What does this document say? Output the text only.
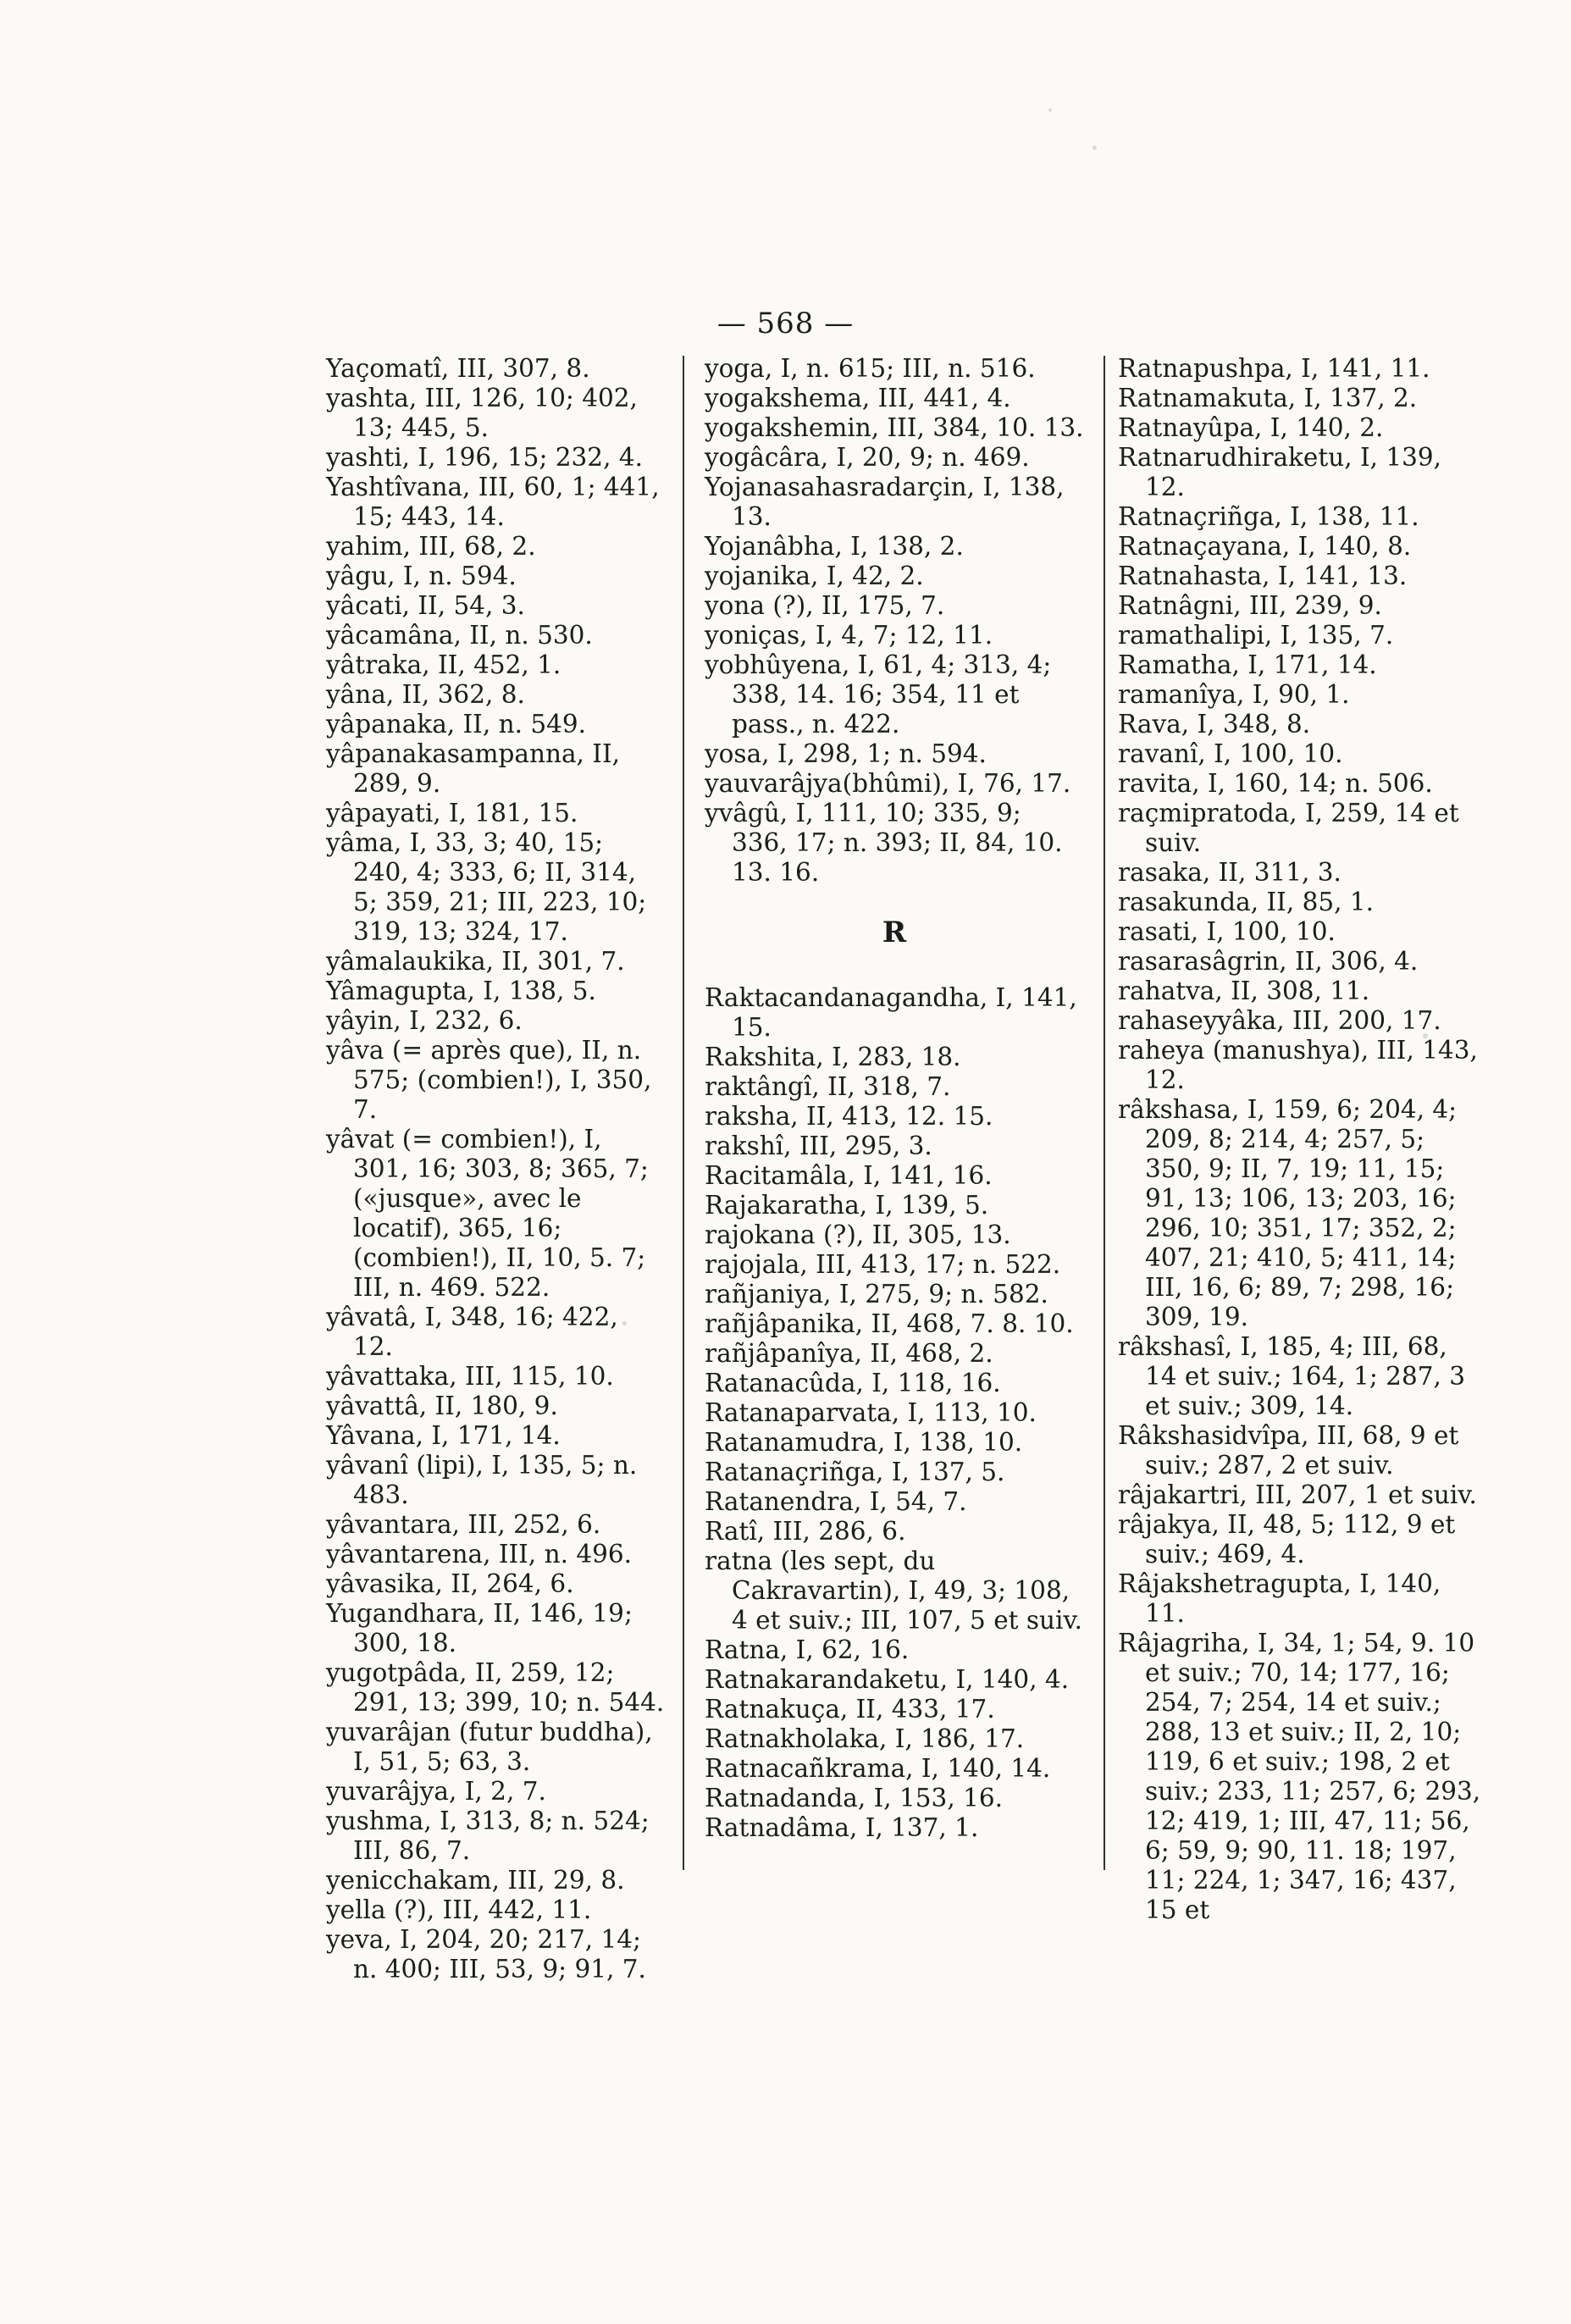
— 568 —
Yaçomatî, III, 307, 8.
yashta, III, 126, 10; 402, 13; 445, 5.
yashti, I, 196, 15; 232, 4.
Yashtîvana, III, 60, 1; 441, 15; 443, 14.
yahim, III, 68, 2.
yâgu, I, n. 594.
yâcati, II, 54, 3.
yâcamâna, II, n. 530.
yâtraka, II, 452, 1.
yâna, II, 362, 8.
yâpanaka, II, n. 549.
yâpanakasampanna, II, 289, 9.
yâpayati, I, 181, 15.
yâma, I, 33, 3; 40, 15; 240, 4; 333, 6; II, 314, 5; 359, 21; III, 223, 10; 319, 13; 324, 17.
yâmalaukika, II, 301, 7.
Yâmagupta, I, 138, 5.
yâyin, I, 232, 6.
yâva (= après que), II, n. 575; (combien!), I, 350, 7.
yâvat (= combien!), I, 301, 16; 303, 8; 365, 7; («jusque», avec le locatif), 365, 16; (combien!), II, 10, 5. 7; III, n. 469. 522.
yâvatâ, I, 348, 16; 422, 12.
yâvattaka, III, 115, 10.
yâvattâ, II, 180, 9.
Yâvana, I, 171, 14.
yâvanî (lipi), I, 135, 5; n. 483.
yâvantara, III, 252, 6.
yâvantarena, III, n. 496.
yâvasika, II, 264, 6.
Yugandhara, II, 146, 19; 300, 18.
yugotpâda, II, 259, 12; 291, 13; 399, 10; n. 544.
yuvarâjan (futur buddha), I, 51, 5; 63, 3.
yuvarâjya, I, 2, 7.
yushma, I, 313, 8; n. 524; III, 86, 7.
yenicchakam, III, 29, 8.
yella (?), III, 442, 11.
yeva, I, 204, 20; 217, 14; n. 400; III, 53, 9; 91, 7.
yoga, I, n. 615; III, n. 516.
yogakshema, III, 441, 4.
yogakshemin, III, 384, 10. 13.
yogâcâra, I, 20, 9; n. 469.
Yojanasahasradarçin, I, 138, 13.
Yojanâbha, I, 138, 2.
yojanika, I, 42, 2.
yona (?), II, 175, 7.
yoniças, I, 4, 7; 12, 11.
yobhûyena, I, 61, 4; 313, 4; 338, 14. 16; 354, 11 et pass., n. 422.
yosa, I, 298, 1; n. 594.
yauvarâjya(bhûmi), I, 76, 17.
yvâgû, I, 111, 10; 335, 9; 336, 17; n. 393; II, 84, 10. 13. 16.
R
Raktacandanagandha, I, 141, 15.
Rakshita, I, 283, 18.
raktângî, II, 318, 7.
raksha, II, 413, 12. 15.
rakshî, III, 295, 3.
Racitamâla, I, 141, 16.
Rajakaratha, I, 139, 5.
rajokana (?), II, 305, 13.
rajojala, III, 413, 17; n. 522.
rañjaniya, I, 275, 9; n. 582.
rañjâpanika, II, 468, 7. 8. 10.
rañjâpanîya, II, 468, 2.
Ratanacûda, I, 118, 16.
Ratanaparvata, I, 113, 10.
Ratanamudra, I, 138, 10.
Ratanaçriñga, I, 137, 5.
Ratanendra, I, 54, 7.
Ratî, III, 286, 6.
ratna (les sept, du Cakravartin), I, 49, 3; 108, 4 et suiv.; III, 107, 5 et suiv.
Ratna, I, 62, 16.
Ratnakarandaketu, I, 140, 4.
Ratnakuça, II, 433, 17.
Ratnakholaka, I, 186, 17.
Ratnacañkrama, I, 140, 14.
Ratnadanda, I, 153, 16.
Ratnadâma, I, 137, 1.
Ratnapushpa, I, 141, 11.
Ratnamakuta, I, 137, 2.
Ratnayûpa, I, 140, 2.
Ratnarudhiraketu, I, 139, 12.
Ratnaçriñga, I, 138, 11.
Ratnaçayana, I, 140, 8.
Ratnahasta, I, 141, 13.
Ratnâgni, III, 239, 9.
ramathalipi, I, 135, 7.
Ramatha, I, 171, 14.
ramanîya, I, 90, 1.
Rava, I, 348, 8.
ravanî, I, 100, 10.
ravita, I, 160, 14; n. 506.
raçmipratoda, I, 259, 14 et suiv.
rasaka, II, 311, 3.
rasakunda, II, 85, 1.
rasati, I, 100, 10.
rasarasâgrin, II, 306, 4.
rahatva, II, 308, 11.
rahaseyyâka, III, 200, 17.
raheya (manushya), III, 143, 12.
râkshasa, I, 159, 6; 204, 4; 209, 8; 214, 4; 257, 5; 350, 9; II, 7, 19; 11, 15; 91, 13; 106, 13; 203, 16; 296, 10; 351, 17; 352, 2; 407, 21; 410, 5; 411, 14; III, 16, 6; 89, 7; 298, 16; 309, 19.
râkshasî, I, 185, 4; III, 68, 14 et suiv.; 164, 1; 287, 3 et suiv.; 309, 14.
Râkshasidvîpa, III, 68, 9 et suiv.; 287, 2 et suiv.
râjakartri, III, 207, 1 et suiv.
râjakya, II, 48, 5; 112, 9 et suiv.; 469, 4.
Râjakshetragupta, I, 140, 11.
Râjagriha, I, 34, 1; 54, 9. 10 et suiv.; 70, 14; 177, 16; 254, 7; 254, 14 et suiv.; 288, 13 et suiv.; II, 2, 10; 119, 6 et suiv.; 198, 2 et suiv.; 233, 11; 257, 6; 293, 12; 419, 1; III, 47, 11; 56, 6; 59, 9; 90, 11. 18; 197, 11; 224, 1; 347, 16; 437, 15 et
